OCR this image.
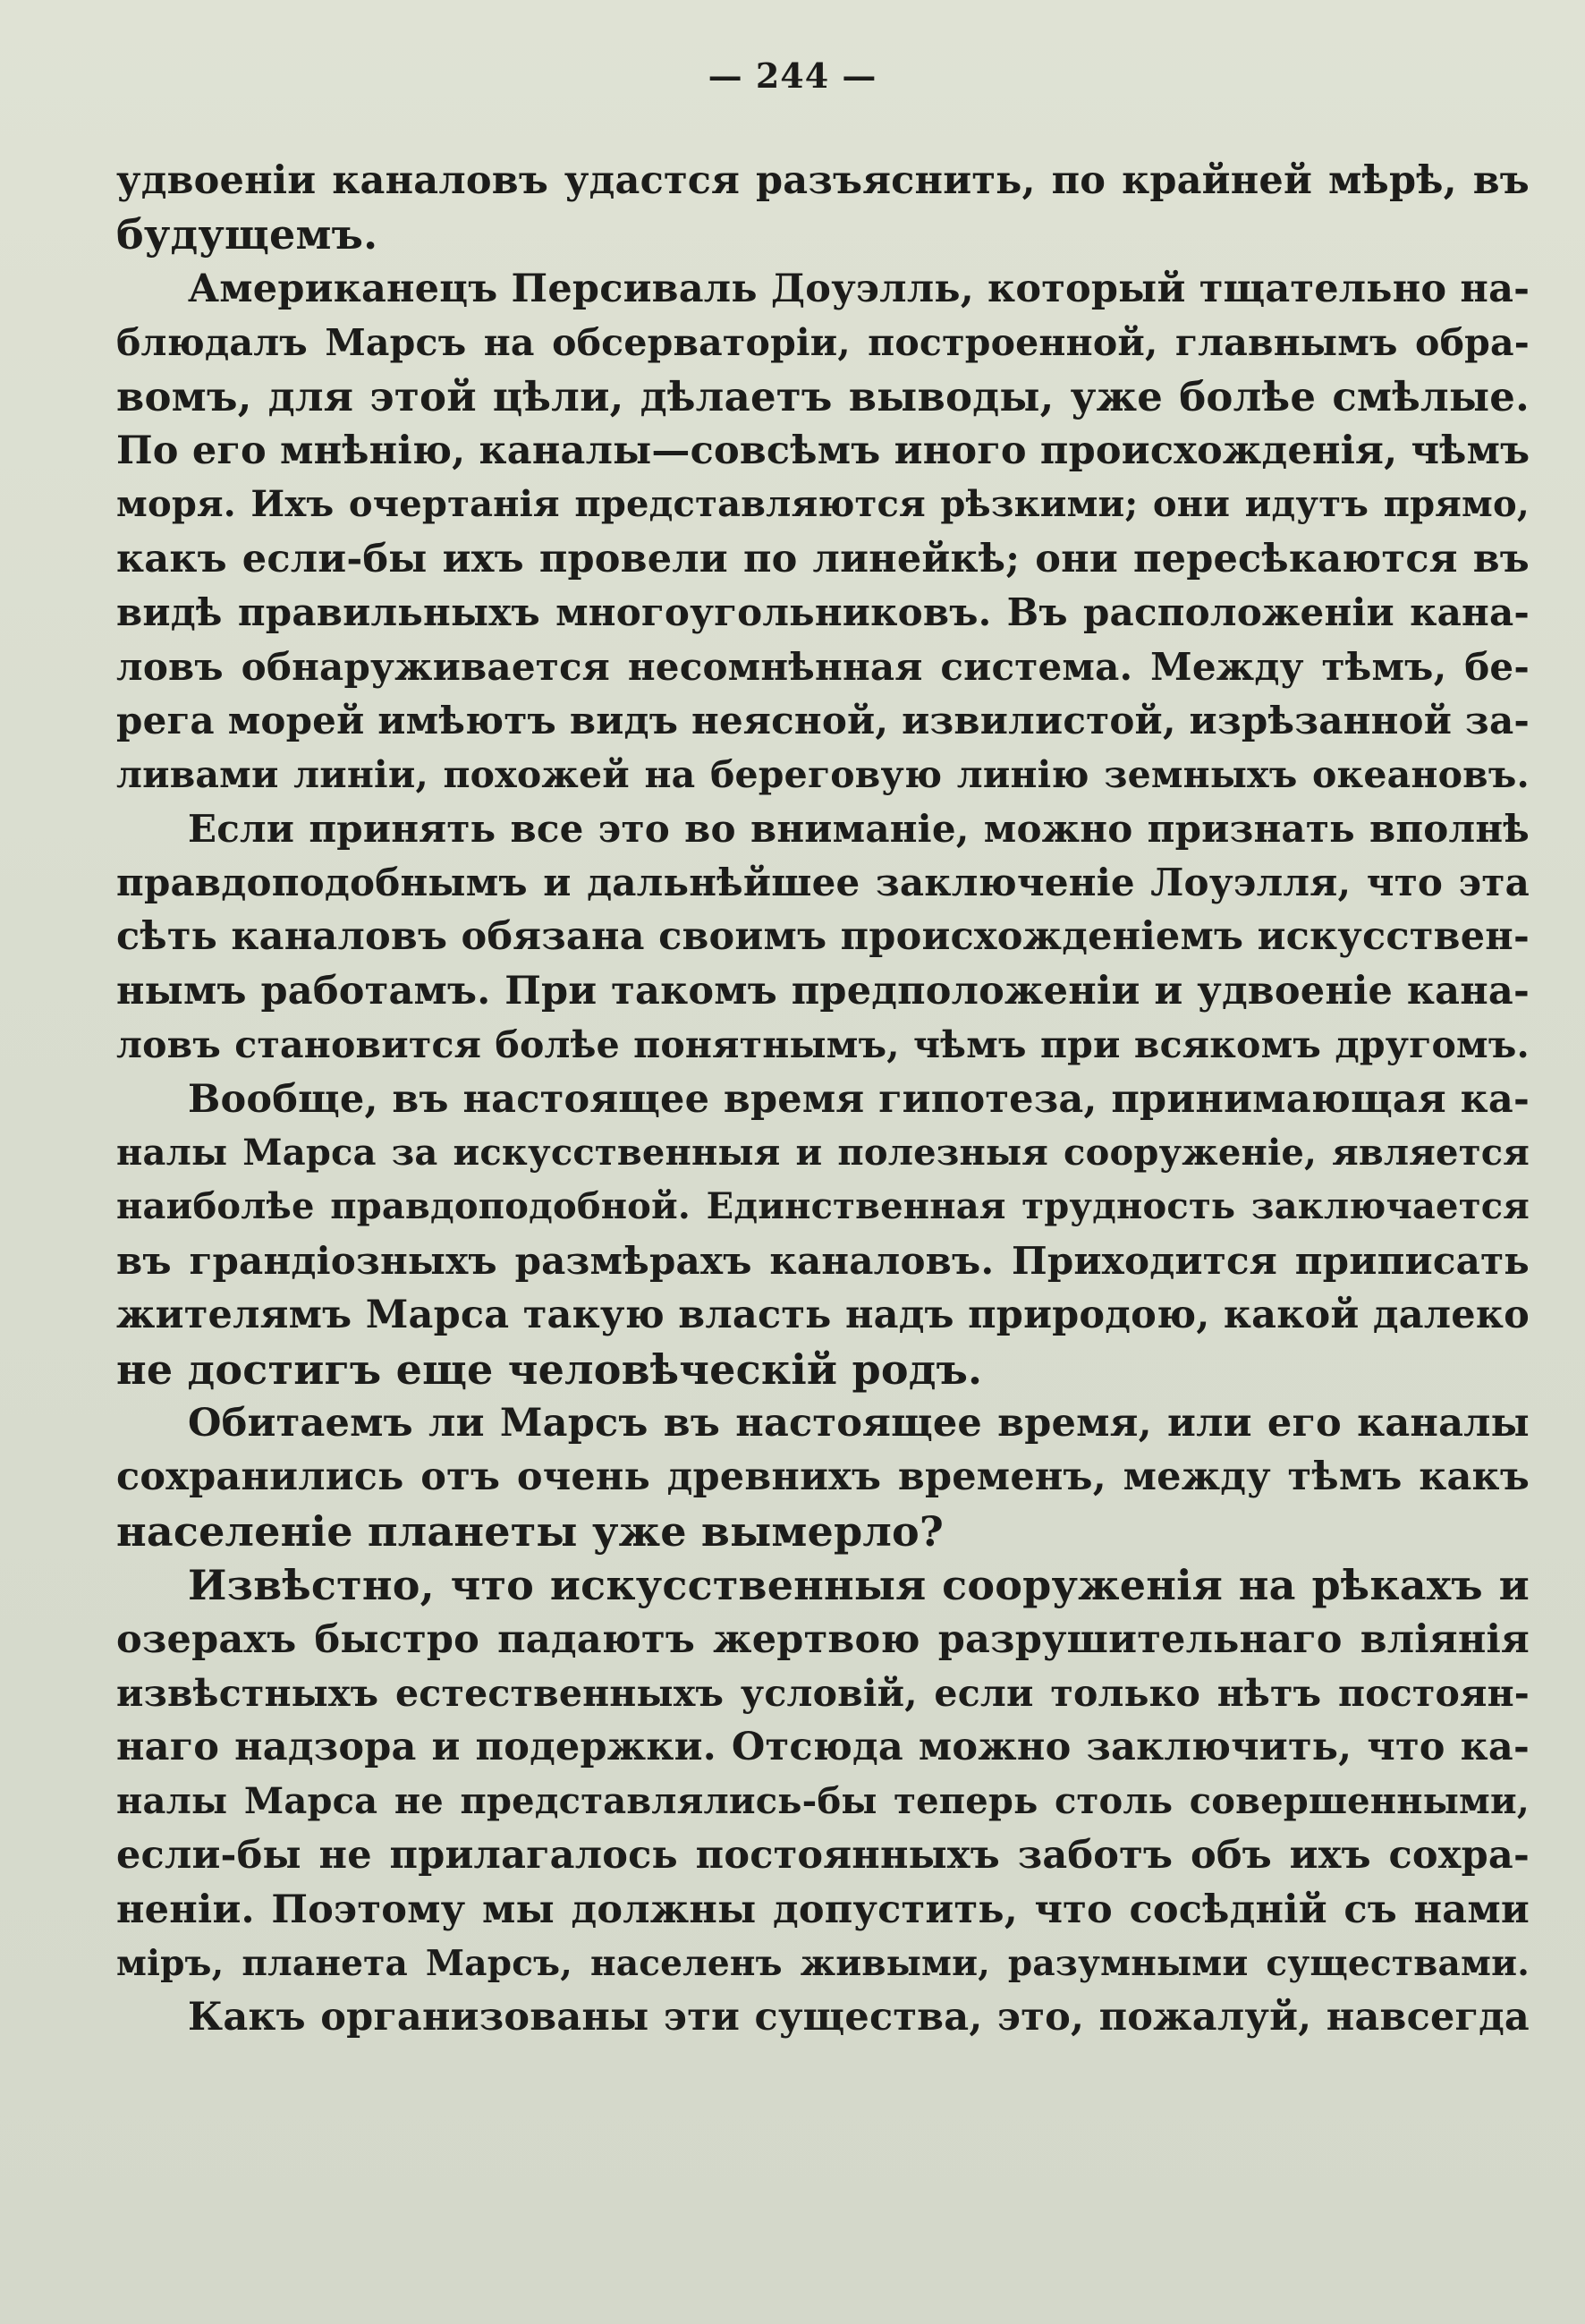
— 244 —
удвоеніи каналовъ удастся разъяснить, по крайней мѣрѣ, въ
будущемъ.
Американецъ Персиваль Доуэлль, который тщательно на-
блюдалъ Марсъ на обсерваторіи, построенной, главнымъ обра-
вомъ, для этой цѣли, дѣлаетъ выводы, уже болѣе смѣлые.
По его мнѣнію, каналы—совсѣмъ иного происхожденія, чѣмъ
моря. Ихъ очертанія представляются рѣзкими; они идутъ прямо,
какъ если-бы ихъ провели по линейкѣ; они пересѣкаются въ
видѣ правильныхъ многоугольниковъ. Въ расположеніи кана-
ловъ обнаруживается несомнѣнная система. Между тѣмъ, бе-
рега морей имѣютъ видъ неясной, извилистой, изрѣзанной за-
ливами линіи, похожей на береговую линію земныхъ океановъ.
Если принять все это во вниманіе, можно признать вполнѣ
правдоподобнымъ и дальнѣйшее заключеніе Лоуэлля, что эта
сѣть каналовъ обязана своимъ происхожденіемъ искусствен-
нымъ работамъ. При такомъ предположеніи и удвоеніе кана-
ловъ становится болѣе понятнымъ, чѣмъ при всякомъ другомъ.
Вообще, въ настоящее время гипотеза, принимающая ка-
налы Марса за искусственныя и полезныя сооруженіе, является
наиболѣе правдоподобной. Единственная трудность заключается
въ грандіозныхъ размѣрахъ каналовъ. Приходится приписать
жителямъ Марса такую власть надъ природою, какой далеко
не достигъ еще человѣческій родъ.
Обитаемъ ли Марсъ въ настоящее время, или его каналы
сохранились отъ очень древнихъ временъ, между тѣмъ какъ
населеніе планеты уже вымерло?
Извѣстно, что искусственныя сооруженія на рѣкахъ и
озерахъ быстро падаютъ жертвою разрушительнаго вліянія
извѣстныхъ естественныхъ условій, если только нѣтъ постоян-
наго надзора и подержки. Отсюда можно заключить, что ка-
налы Марса не представлялись-бы теперь столь совершенными,
если-бы не прилагалось постоянныхъ заботъ объ ихъ сохра-
неніи. Поэтому мы должны допустить, что сосѣдній съ нами
міръ, планета Марсъ, населенъ живыми, разумными существами.
Какъ организованы эти существа, это, пожалуй, навсегда
